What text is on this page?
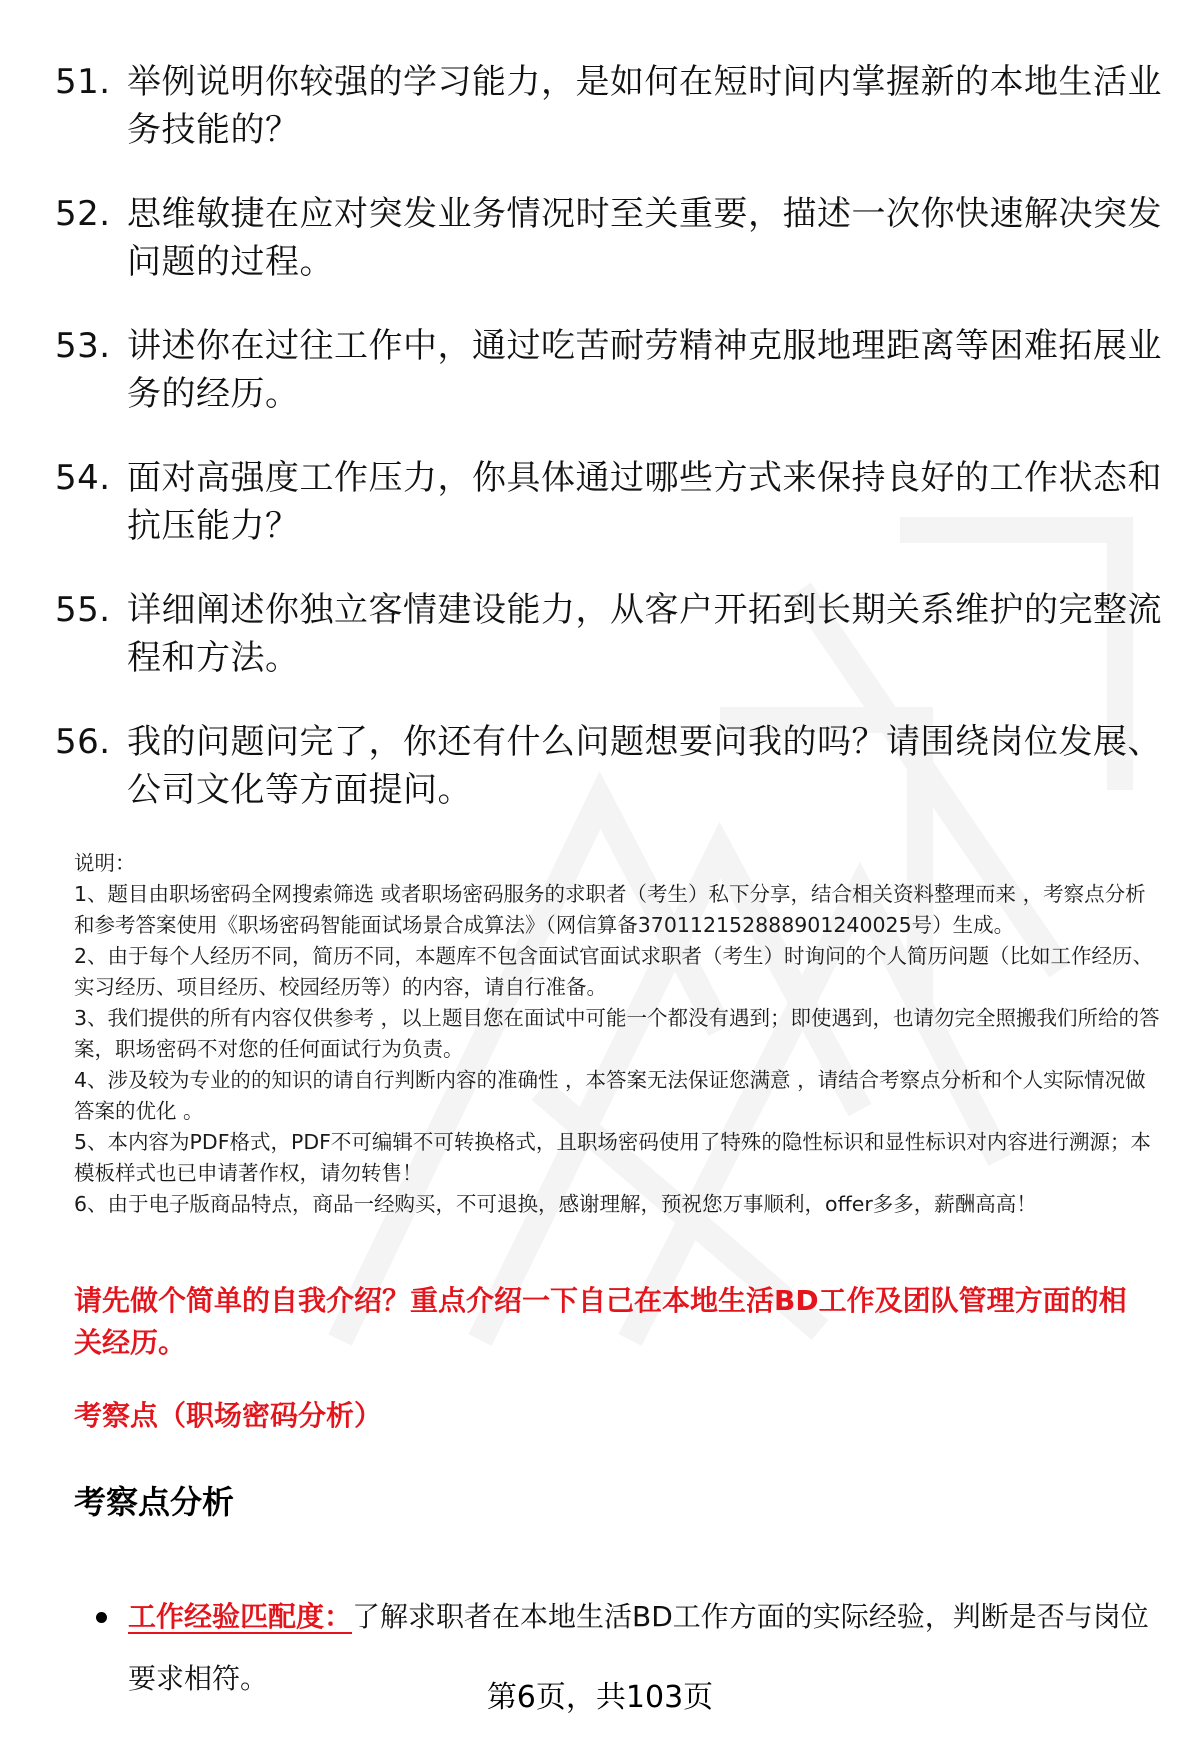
51. 举例说明你较强的学习能力，是如何在短时间内掌握新的本地生活业务技能的？
52. 思维敏捷在应对突发业务情况时至关重要，描述一次你快速解决突发问题的过程。
53. 讲述你在过往工作中，通过吃苦耐劳精神克服地理距离等困难拓展业务的经历。
54. 面对高强度工作压力，你具体通过哪些方式来保持良好的工作状态和抗压能力？
55. 详细阐述你独立客情建设能力，从客户开拓到长期关系维护的完整流程和方法。
56. 我的问题问完了，你还有什么问题想要问我的吗？请围绕岗位发展、公司文化等方面提问。

说明：

1、题目由职场密码全网搜索筛选 或者职场密码服务的求职者（考生）私下分享，结合相关资料整理而来 ，考察点分析和参考答案使用《职场密码智能面试场景合成算法》（网信算备370112152888901240025号）生成。

2、由于每个人经历不同，简历不同，本题库不包含面试官面试求职者（考生）时询问的个人简历问题（比如工作经历、实习经历、项目经历、校园经历等）的内容，请自行准备。

3、我们提供的所有内容仅供参考 ，以上题目您在面试中可能一个都没有遇到；即使遇到，也请勿完全照搬我们所给的答案，职场密码不对您的任何面试行为负责。

4、涉及较为专业的的知识的请自行判断内容的准确性 ，本答案无法保证您满意 ，请结合考察点分析和个人实际情况做答案的优化 。

5、本内容为PDF格式，PDF不可编辑不可转换格式，且职场密码使用了特殊的隐性标识和显性标识对内容进行溯源；本模板样式也已申请著作权，请勿转售！

6、由于电子版商品特点，商品一经购买，不可退换，感谢理解，预祝您万事顺利，offer多多，薪酬高高！

请先做个简单的自我介绍？重点介绍一下自己在本地生活BD工作及团队管理方面的相关经历。
考察点（职场密码分析）
考察点分析
工作经验匹配度：了解求职者在本地生活BD工作方面的实际经验，判断是否与岗位要求相符。
第6页，共103页
